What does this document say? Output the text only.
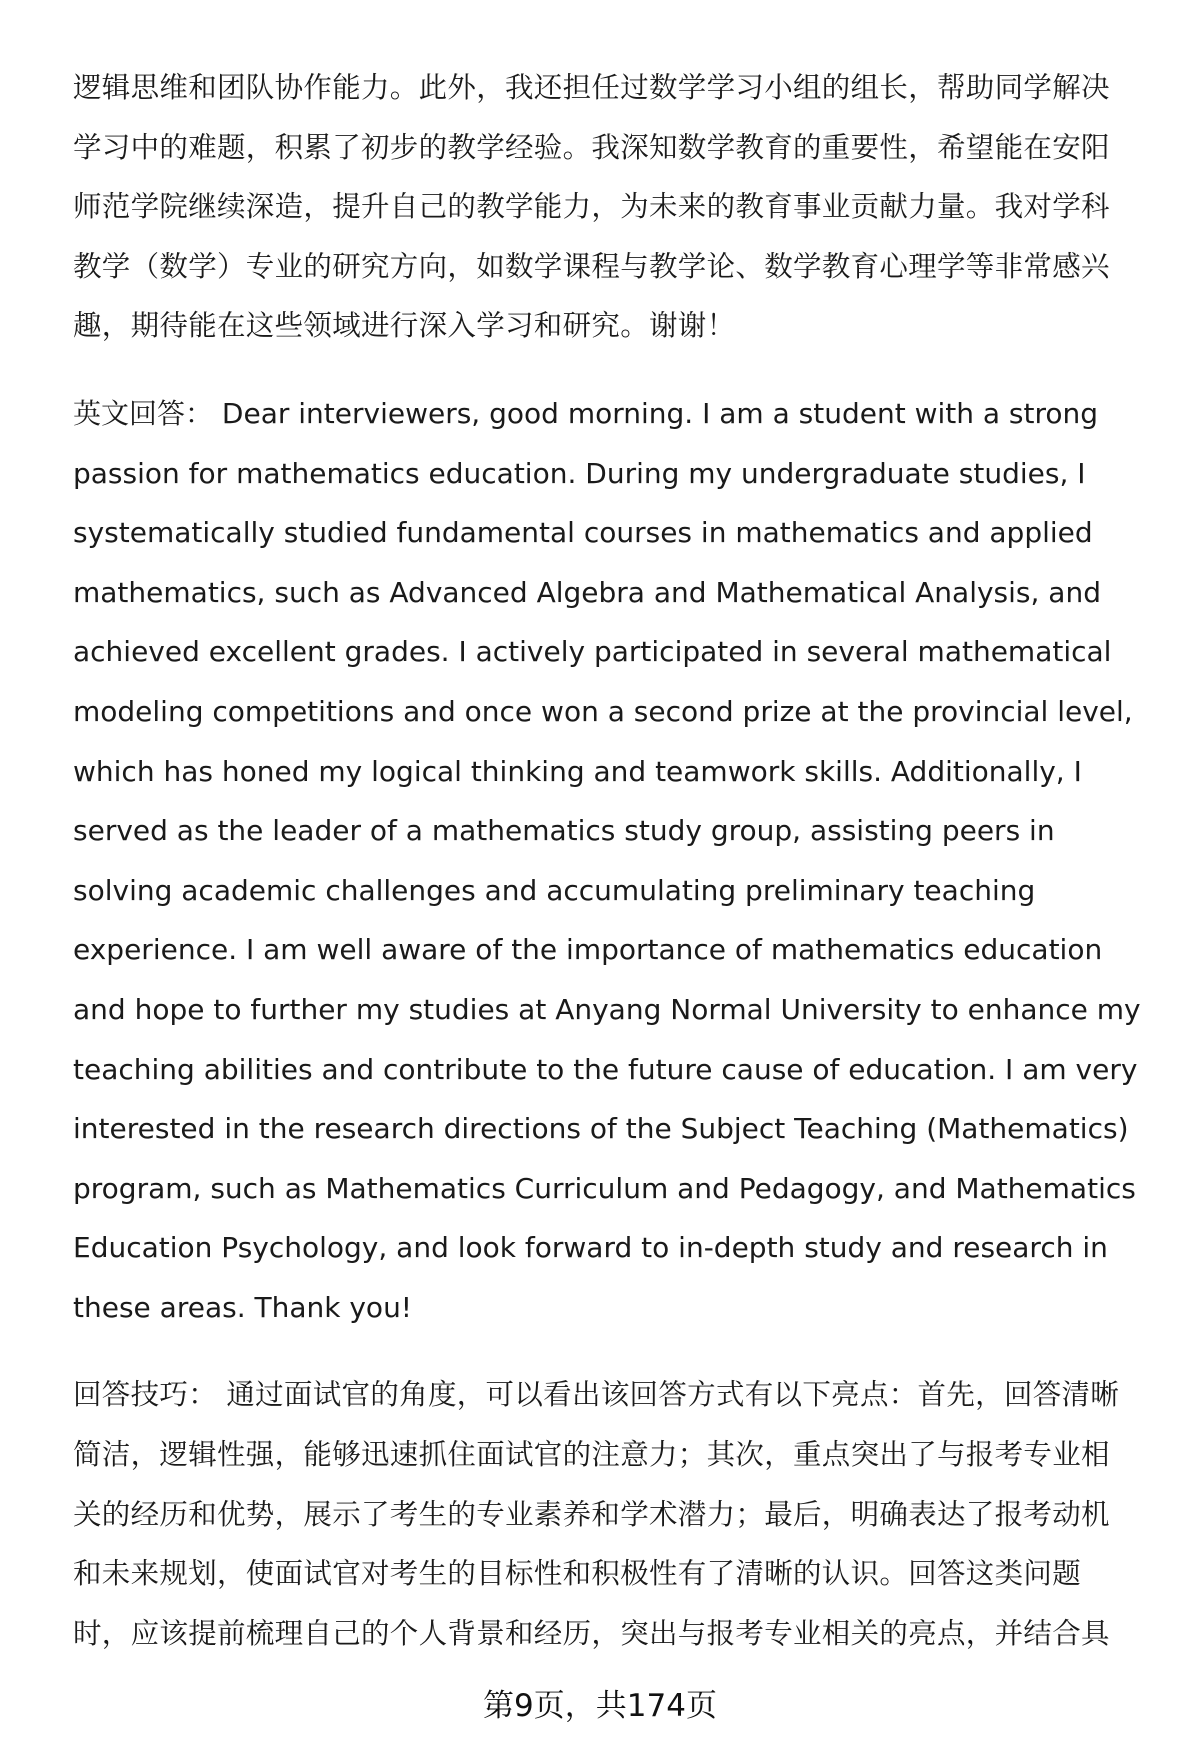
逻辑思维和团队协作能力。此外，我还担任过数学学习小组的组长，帮助同学解决
学习中的难题，积累了初步的教学经验。我深知数学教育的重要性，希望能在安阳
师范学院继续深造，提升自己的教学能力，为未来的教育事业贡献力量。我对学科
教学（数学）专业的研究方向，如数学课程与教学论、数学教育心理学等非常感兴
趣，期待能在这些领域进行深入学习和研究。谢谢！
英文回答： Dear interviewers, good morning. I am a student with a strong
passion for mathematics education. During my undergraduate studies, I
systematically studied fundamental courses in mathematics and applied
mathematics, such as Advanced Algebra and Mathematical Analysis, and
achieved excellent grades. I actively participated in several mathematical
modeling competitions and once won a second prize at the provincial level,
which has honed my logical thinking and teamwork skills. Additionally, I
served as the leader of a mathematics study group, assisting peers in
solving academic challenges and accumulating preliminary teaching
experience. I am well aware of the importance of mathematics education
and hope to further my studies at Anyang Normal University to enhance my
teaching abilities and contribute to the future cause of education. I am very
interested in the research directions of the Subject Teaching (Mathematics)
program, such as Mathematics Curriculum and Pedagogy, and Mathematics
Education Psychology, and look forward to in-depth study and research in
these areas. Thank you!
回答技巧： 通过面试官的角度，可以看出该回答方式有以下亮点：首先，回答清晰
简洁，逻辑性强，能够迅速抓住面试官的注意力；其次，重点突出了与报考专业相
关的经历和优势，展示了考生的专业素养和学术潜力；最后，明确表达了报考动机
和未来规划，使面试官对考生的目标性和积极性有了清晰的认识。回答这类问题
时，应该提前梳理自己的个人背景和经历，突出与报考专业相关的亮点，并结合具
第9页，共174页
